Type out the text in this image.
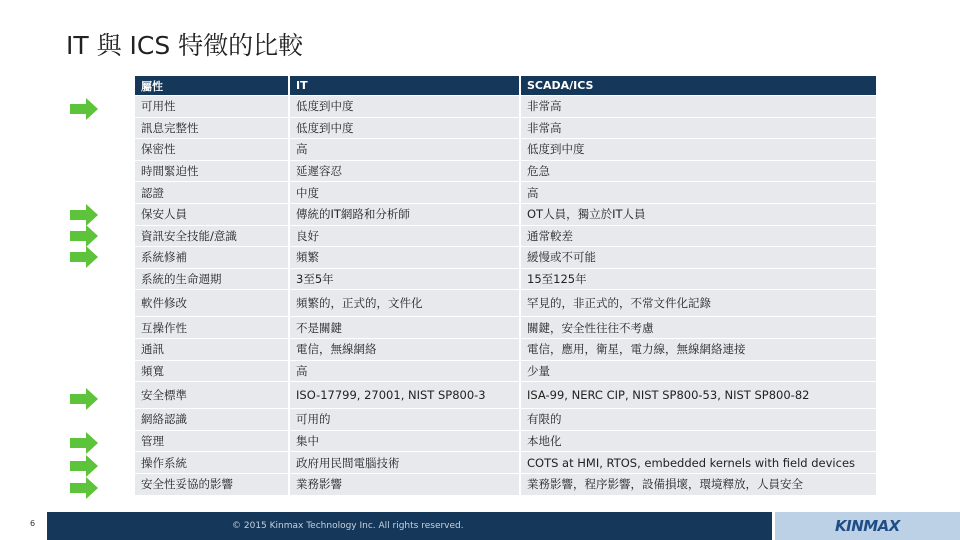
IT 與 ICS 特徵的比較
屬性	IT	SCADA/ICS
可用性	低度到中度	非常高
訊息完整性	低度到中度	非常高
保密性	高	低度到中度
時間緊迫性	延遲容忍	危急
認證	中度	高
保安人員	傳統的IT網路和分析師	OT人員，獨立於IT人員
資訊安全技能/意識	良好	通常較差
系統修補	頻繁	緩慢或不可能
系統的生命週期	3至5年	15至125年
軟件修改	頻繁的，正式的，文件化	罕見的，非正式的，不常文件化記錄
互操作性	不是關鍵	關鍵，安全性往往不考慮
通訊	電信，無線網絡	電信，應用，衛星，電力線，無線網絡連接
頻寬	高	少量
安全標準	ISO-17799, 27001, NIST SP800-3	ISA-99, NERC CIP, NIST SP800-53, NIST SP800-82
網絡認識	可用的	有限的
管理	集中	本地化
操作系統	政府用民間電腦技術	COTS at HMI, RTOS, embedded kernels with field devices
安全性妥協的影響	業務影響	業務影響，程序影響，設備損壞，環境釋放，人員安全
6	© 2015 Kinmax Technology Inc. All rights reserved.	KINMAX
